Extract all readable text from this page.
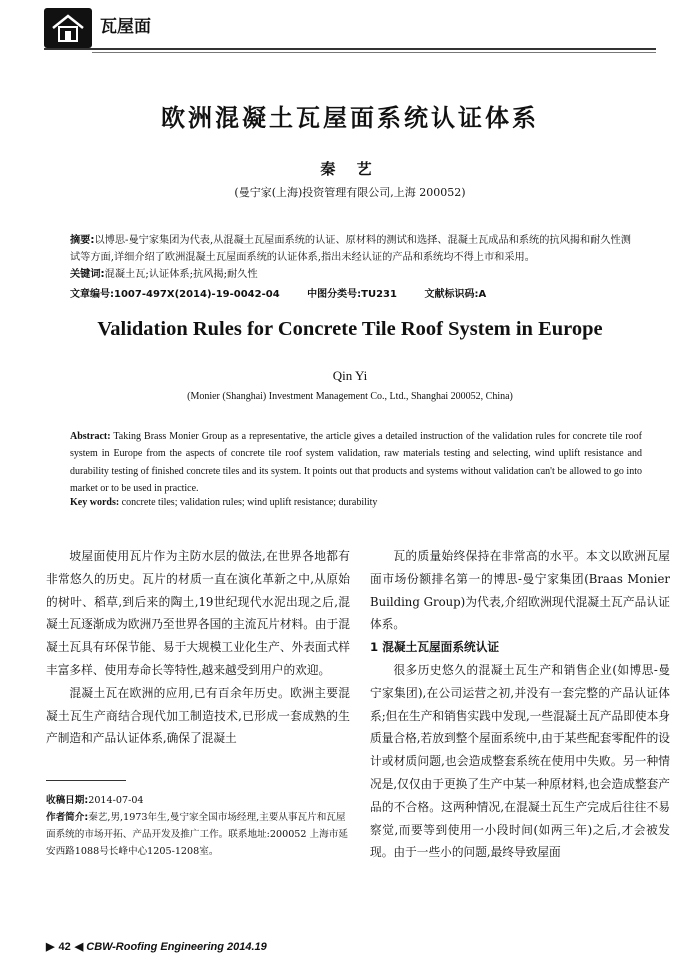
瓦屋面
欧洲混凝土瓦屋面系统认证体系
秦 艺
(曼宁家(上海)投资管理有限公司,上海 200052)
摘要:以博思-曼宁家集团为代表,从混凝土瓦屋面系统的认证、原材料的测试和选择、混凝土瓦成品和系统的抗风揭和耐久性测试等方面,详细介绍了欧洲混凝土瓦屋面系统的认证体系,指出未经认证的产品和系统均不得上市和采用。
关键词:混凝土瓦;认证体系;抗风揭;耐久性
文章编号:1007-497X(2014)-19-0042-04	中图分类号:TU231	文献标识码:A
Validation Rules for Concrete Tile Roof System in Europe
Qin Yi
(Monier (Shanghai) Investment Management Co., Ltd., Shanghai 200052, China)
Abstract: Taking Brass Monier Group as a representative, the article gives a detailed instruction of the validation rules for concrete tile roof system in Europe from the aspects of concrete tile roof system validation, raw materials testing and selecting, wind uplift resistance and durability testing of finished concrete tiles and its system. It points out that products and systems without validation can't be allowed to go into market or to be used in practice.
Key words: concrete tiles; validation rules; wind uplift resistance; durability

坡屋面使用瓦片作为主防水层的做法,在世界各地都有非常悠久的历史。瓦片的材质一直在演化革新之中,从原始的树叶、稻草,到后来的陶土,19世纪现代水泥出现之后,混凝土瓦逐渐成为欧洲乃至世界各国的主流瓦片材料。由于混凝土瓦具有环保节能、易于大规模工业化生产、外表面式样丰富多样、使用寿命长等特性,越来越受到用户的欢迎。

混凝土瓦在欧洲的应用,已有百余年历史。欧洲主要混凝土瓦生产商结合现代加工制造技术,已形成一套成熟的生产制造和产品认证体系,确保了混凝土

收稿日期:2014-07-04
作者简介:秦艺,男,1973年生,曼宁家全国市场经理,主要从事瓦片和瓦屋面系统的市场开拓、产品开发及推广工作。联系地址:200052 上海市延安西路1088号长峰中心1205-1208室。

瓦的质量始终保持在非常高的水平。本文以欧洲瓦屋面市场份额排名第一的博思-曼宁家集团(Braas Monier Building Group)为代表,介绍欧洲现代混凝土瓦产品认证体系。

1 混凝土瓦屋面系统认证

很多历史悠久的混凝土瓦生产和销售企业(如博思-曼宁家集团),在公司运营之初,并没有一套完整的产品认证体系;但在生产和销售实践中发现,一些混凝土瓦产品即使本身质量合格,若放到整个屋面系统中,由于某些配套零配件的设计或材质问题,也会造成整套系统在使用中失败。另一种情况是,仅仅由于更换了生产中某一种原材料,也会造成整套产品的不合格。这两种情况,在混凝土瓦生产完成后往往不易察觉,而要等到使用一小段时间(如两三年)之后,才会被发现。由于一些小的问题,最终导致屋面

▶ 42 ◀ CBW-Roofing Engineering 2014.19
